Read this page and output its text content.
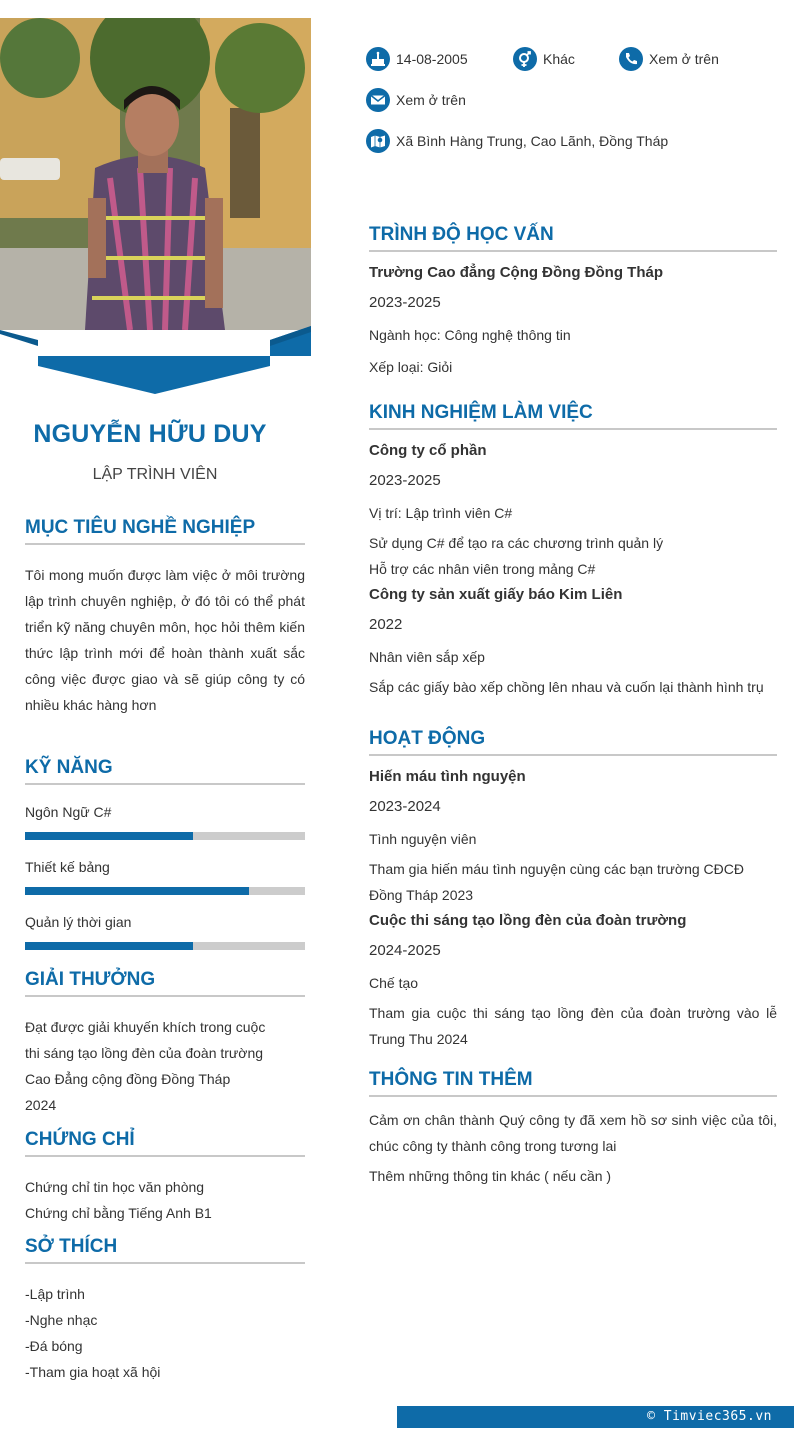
NGUYỄN HỮU DUY
LẬP TRÌNH VIÊN
MỤC TIÊU NGHỀ NGHIỆP
Tôi mong muốn được làm việc ở môi trường lập trình chuyên nghiệp, ở đó tôi có thể phát triển kỹ năng chuyên môn, học hỏi thêm kiến thức lập trình mới để hoàn thành xuất sắc công việc được giao và sẽ giúp công ty có nhiều khác hàng hơn
KỸ NĂNG
Ngôn Ngữ C#
Thiết kế bảng
Quản lý thời gian
GIẢI THƯỞNG
Đạt được giải khuyến khích trong cuộc thi sáng tạo lồng đèn của đoàn trường Cao Đẳng cộng đồng Đồng Tháp
2024
CHỨNG CHỈ
Chứng chỉ tin học văn phòng
Chứng chỉ bằng Tiếng Anh B1
SỞ THÍCH
-Lập trình
-Nghe nhạc
-Đá bóng
-Tham gia hoạt xã hội
14-08-2005	Khác	Xem ở trên
Xem ở trên
Xã Bình Hàng Trung, Cao Lãnh, Đồng Tháp
TRÌNH ĐỘ HỌC VẤN
Trường Cao đẳng Cộng Đồng Đồng Tháp
2023-2025
Ngành học: Công nghệ thông tin
Xếp loại: Giỏi
KINH NGHIỆM LÀM VIỆC
Công ty cổ phần
2023-2025
Vị trí: Lập trình viên C#
Sử dụng C# để tạo ra các chương trình quản lý
Hỗ trợ các nhân viên trong mảng C#
Công ty sản xuất giấy báo Kim Liên
2022
Nhân viên sắp xếp
Sắp các giấy bào xếp chồng lên nhau và cuốn lại thành hình trụ
HOẠT ĐỘNG
Hiến máu tình nguyện
2023-2024
Tình nguyện viên
Tham gia hiến máu tình nguyện cùng các bạn trường CĐCĐ Đồng Tháp 2023
Cuộc thi sáng tạo lồng đèn của đoàn trường
2024-2025
Chế tạo
Tham gia cuộc thi sáng tạo lồng đèn của đoàn trường vào lễ Trung Thu 2024
THÔNG TIN THÊM
Cảm ơn chân thành Quý công ty đã xem hồ sơ sinh việc của tôi, chúc công ty thành công trong tương lai
Thêm những thông tin khác ( nếu cần )
© Timviec365.vn
